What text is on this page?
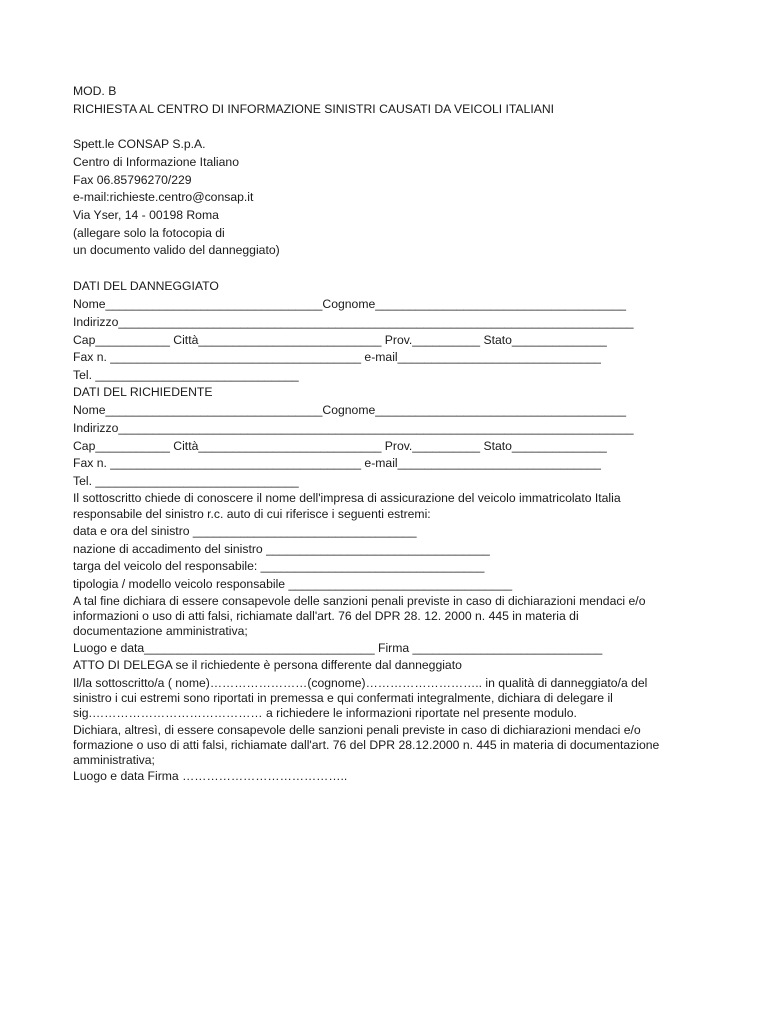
MOD. B
RICHIESTA AL CENTRO DI INFORMAZIONE SINISTRI CAUSATI DA VEICOLI ITALIANI
Spett.le CONSAP S.p.A.
Centro di Informazione Italiano
Fax 06.85796270/229
e-mail:richieste.centro@consap.it
Via Yser, 14 - 00198 Roma
(allegare solo la fotocopia di
un documento valido del danneggiato)
DATI DEL DANNEGGIATO
Nome________________________________Cognome_____________________________________
Indirizzo____________________________________________________________________________
Cap___________ Città___________________________ Prov.__________ Stato______________
Fax n. _____________________________________ e-mail______________________________
Tel. ______________________________
DATI DEL RICHIEDENTE
Nome________________________________Cognome_____________________________________
Indirizzo____________________________________________________________________________
Cap___________ Città___________________________ Prov.__________ Stato______________
Fax n. _____________________________________ e-mail______________________________
Tel. ______________________________
Il sottoscritto chiede di conoscere il nome dell'impresa di assicurazione del veicolo immatricolato Italia
responsabile del sinistro r.c. auto di cui riferisce i seguenti estremi:
data e ora del sinistro _________________________________
nazione di accadimento del sinistro _________________________________
targa del veicolo del responsabile: _________________________________
tipologia / modello veicolo responsabile _________________________________
A tal fine dichiara di essere consapevole delle sanzioni penali previste in caso di dichiarazioni mendaci e/o
informazioni o uso di atti falsi, richiamate dall'art. 76 del DPR 28. 12. 2000 n. 445 in materia di
documentazione amministrativa;
Luogo e data__________________________________ Firma ____________________________
ATTO DI DELEGA se il richiedente è persona differente dal danneggiato
Il/la sottoscritto/a ( nome)……………………(cognome)……………………….. in qualità di danneggiato/a del
sinistro i cui estremi sono riportati in premessa e qui confermati integralmente, dichiara di delegare il
sig.…………………………………… a richiedere le informazioni riportate nel presente modulo.
Dichiara, altresì, di essere consapevole delle sanzioni penali previste in caso di dichiarazioni mendaci e/o
formazione o uso di atti falsi, richiamate dall'art. 76 del DPR 28.12.2000 n. 445 in materia di documentazione
amministrativa;
Luogo e data Firma …………………………………..
